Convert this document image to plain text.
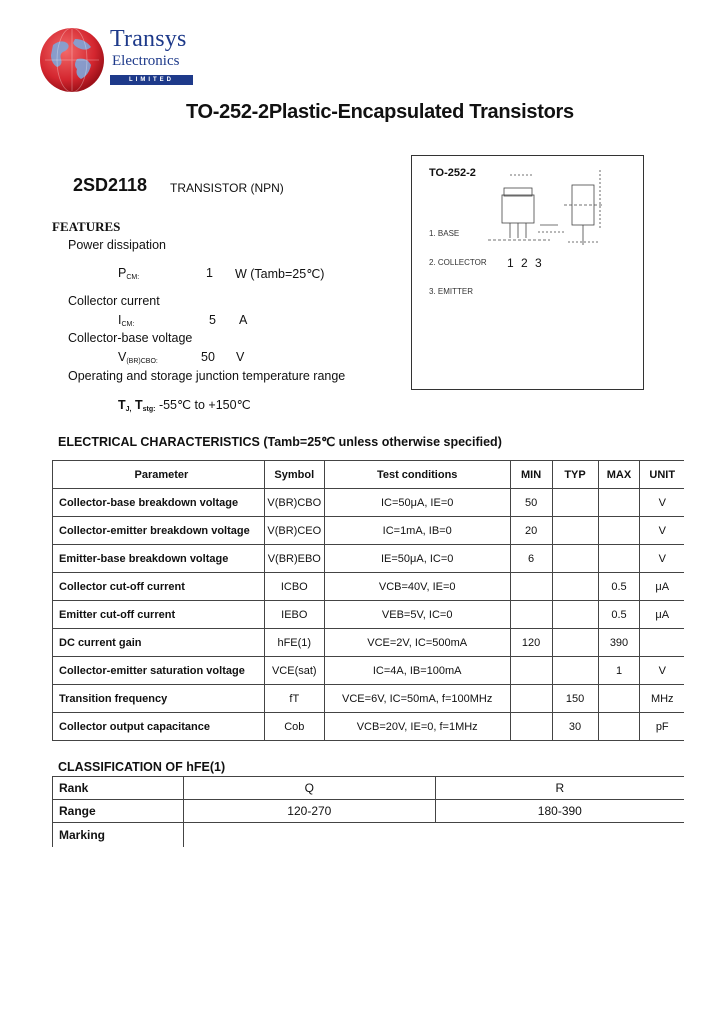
Transys
Electronics
LIMITED
TO-252-2Plastic-Encapsulated Transistors
2SD2118 TRANSISTOR (NPN)
TO-252-2
1. BASE
2. COLLECTOR
3. EMITTER
1 2 3
FEATURES
Power dissipation
$P_{CM:}$	1 W (Tamb=25℃)
Collector current
$I_{CM:}$	5 A
Collector-base voltage
$V_{(BR)CBO:}$	50 V
Operating and storage junction temperature range
$T_{J,}$ $T_{stg:}$ -55℃ to +150℃
ELECTRICAL CHARACTERISTICS (Tamb=25℃ unless otherwise specified)
Parameter	Symbol	Test conditions	MIN	TYP	MAX	UNIT
Collector-base breakdown voltage	V(BR)CBO	IC=50μA, IE=0	50			V
Collector-emitter breakdown voltage	V(BR)CEO	IC=1mA, IB=0	20			V
Emitter-base breakdown voltage	V(BR)EBO	IE=50μA, IC=0	6			V
Collector cut-off current	ICBO	VCB=40V, IE=0			0.5	μA
Emitter cut-off current	IEBO	VEB=5V, IC=0			0.5	μA
DC current gain	hFE(1)	VCE=2V, IC=500mA	120		390	
Collector-emitter saturation voltage	VCE(sat)	IC=4A, IB=100mA			1	V
Transition frequency	fT	VCE=6V, IC=50mA, f=100MHz		150		MHz
Collector output capacitance	Cob	VCB=20V, IE=0, f=1MHz		30		pF
CLASSIFICATION OF hFE(1)
Rank	Q	R
Range	120-270	180-390
Marking		
